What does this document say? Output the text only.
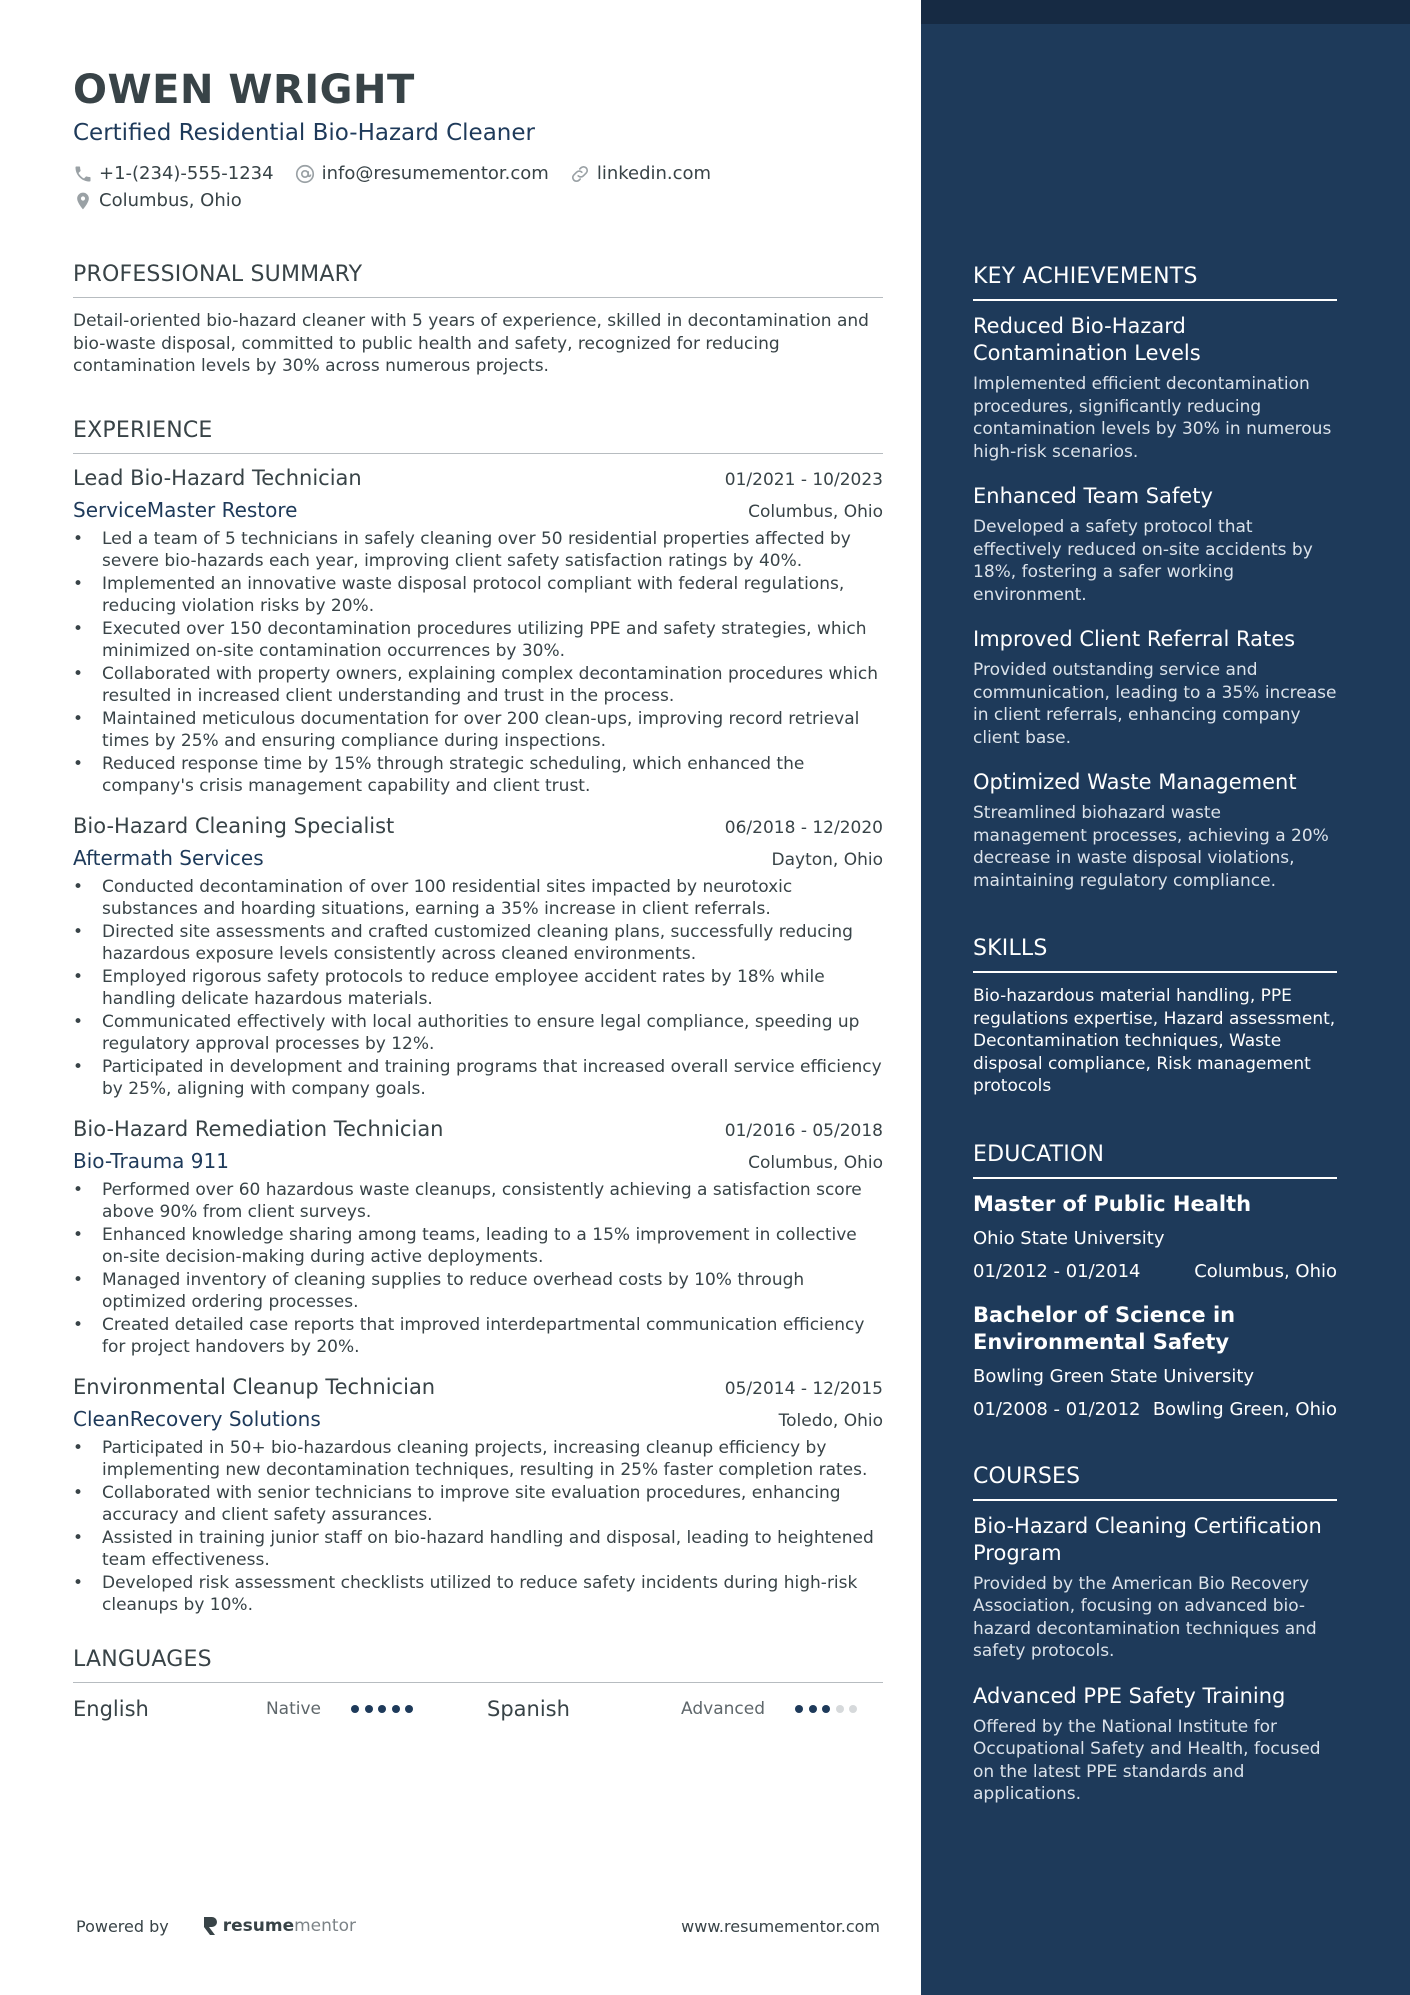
OWEN WRIGHT
Certified Residential Bio-Hazard Cleaner
+1-(234)-555-1234	info@resumementor.com	linkedin.com
Columbus, Ohio
PROFESSIONAL SUMMARY

Detail-oriented bio-hazard cleaner with 5 years of experience, skilled in decontamination and bio-waste disposal, committed to public health and safety, recognized for reducing contamination levels by 30% across numerous projects.

EXPERIENCE
Lead Bio-Hazard Technician	01/2021 - 10/2023
ServiceMaster Restore	Columbus, Ohio
• Led a team of 5 technicians in safely cleaning over 50 residential properties affected by severe bio-hazards each year, improving client safety satisfaction ratings by 40%.
• Implemented an innovative waste disposal protocol compliant with federal regulations, reducing violation risks by 20%.
• Executed over 150 decontamination procedures utilizing PPE and safety strategies, which minimized on-site contamination occurrences by 30%.
• Collaborated with property owners, explaining complex decontamination procedures which resulted in increased client understanding and trust in the process.
• Maintained meticulous documentation for over 200 clean-ups, improving record retrieval times by 25% and ensuring compliance during inspections.
• Reduced response time by 15% through strategic scheduling, which enhanced the company's crisis management capability and client trust.
Bio-Hazard Cleaning Specialist	06/2018 - 12/2020
Aftermath Services	Dayton, Ohio
• Conducted decontamination of over 100 residential sites impacted by neurotoxic substances and hoarding situations, earning a 35% increase in client referrals.
• Directed site assessments and crafted customized cleaning plans, successfully reducing hazardous exposure levels consistently across cleaned environments.
• Employed rigorous safety protocols to reduce employee accident rates by 18% while handling delicate hazardous materials.
• Communicated effectively with local authorities to ensure legal compliance, speeding up regulatory approval processes by 12%.
• Participated in development and training programs that increased overall service efficiency by 25%, aligning with company goals.
Bio-Hazard Remediation Technician	01/2016 - 05/2018
Bio-Trauma 911	Columbus, Ohio
• Performed over 60 hazardous waste cleanups, consistently achieving a satisfaction score above 90% from client surveys.
• Enhanced knowledge sharing among teams, leading to a 15% improvement in collective on-site decision-making during active deployments.
• Managed inventory of cleaning supplies to reduce overhead costs by 10% through optimized ordering processes.
• Created detailed case reports that improved interdepartmental communication efficiency for project handovers by 20%.
Environmental Cleanup Technician	05/2014 - 12/2015
CleanRecovery Solutions	Toledo, Ohio
• Participated in 50+ bio-hazardous cleaning projects, increasing cleanup efficiency by implementing new decontamination techniques, resulting in 25% faster completion rates.
• Collaborated with senior technicians to improve site evaluation procedures, enhancing accuracy and client safety assurances.
• Assisted in training junior staff on bio-hazard handling and disposal, leading to heightened team effectiveness.
• Developed risk assessment checklists utilized to reduce safety incidents during high-risk cleanups by 10%.
LANGUAGES
English	Native	Spanish	Advanced
Powered by	resume mentor	www.resumementor.com
KEY ACHIEVEMENTS
Reduced Bio-Hazard Contamination Levels
Implemented efficient decontamination procedures, significantly reducing contamination levels by 30% in numerous high-risk scenarios.
Enhanced Team Safety
Developed a safety protocol that effectively reduced on-site accidents by 18%, fostering a safer working environment.
Improved Client Referral Rates
Provided outstanding service and communication, leading to a 35% increase in client referrals, enhancing company client base.
Optimized Waste Management
Streamlined biohazard waste management processes, achieving a 20% decrease in waste disposal violations, maintaining regulatory compliance.
SKILLS

Bio-hazardous material handling, PPE regulations expertise, Hazard assessment, Decontamination techniques, Waste disposal compliance, Risk management protocols

EDUCATION
Master of Public Health
Ohio State University
01/2012 - 01/2014	Columbus, Ohio
Bachelor of Science in Environmental Safety
Bowling Green State University
01/2008 - 01/2012 Bowling Green, Ohio
COURSES
Bio-Hazard Cleaning Certification Program
Provided by the American Bio Recovery Association, focusing on advanced bio-hazard decontamination techniques and safety protocols.
Advanced PPE Safety Training
Offered by the National Institute for Occupational Safety and Health, focused on the latest PPE standards and applications.
